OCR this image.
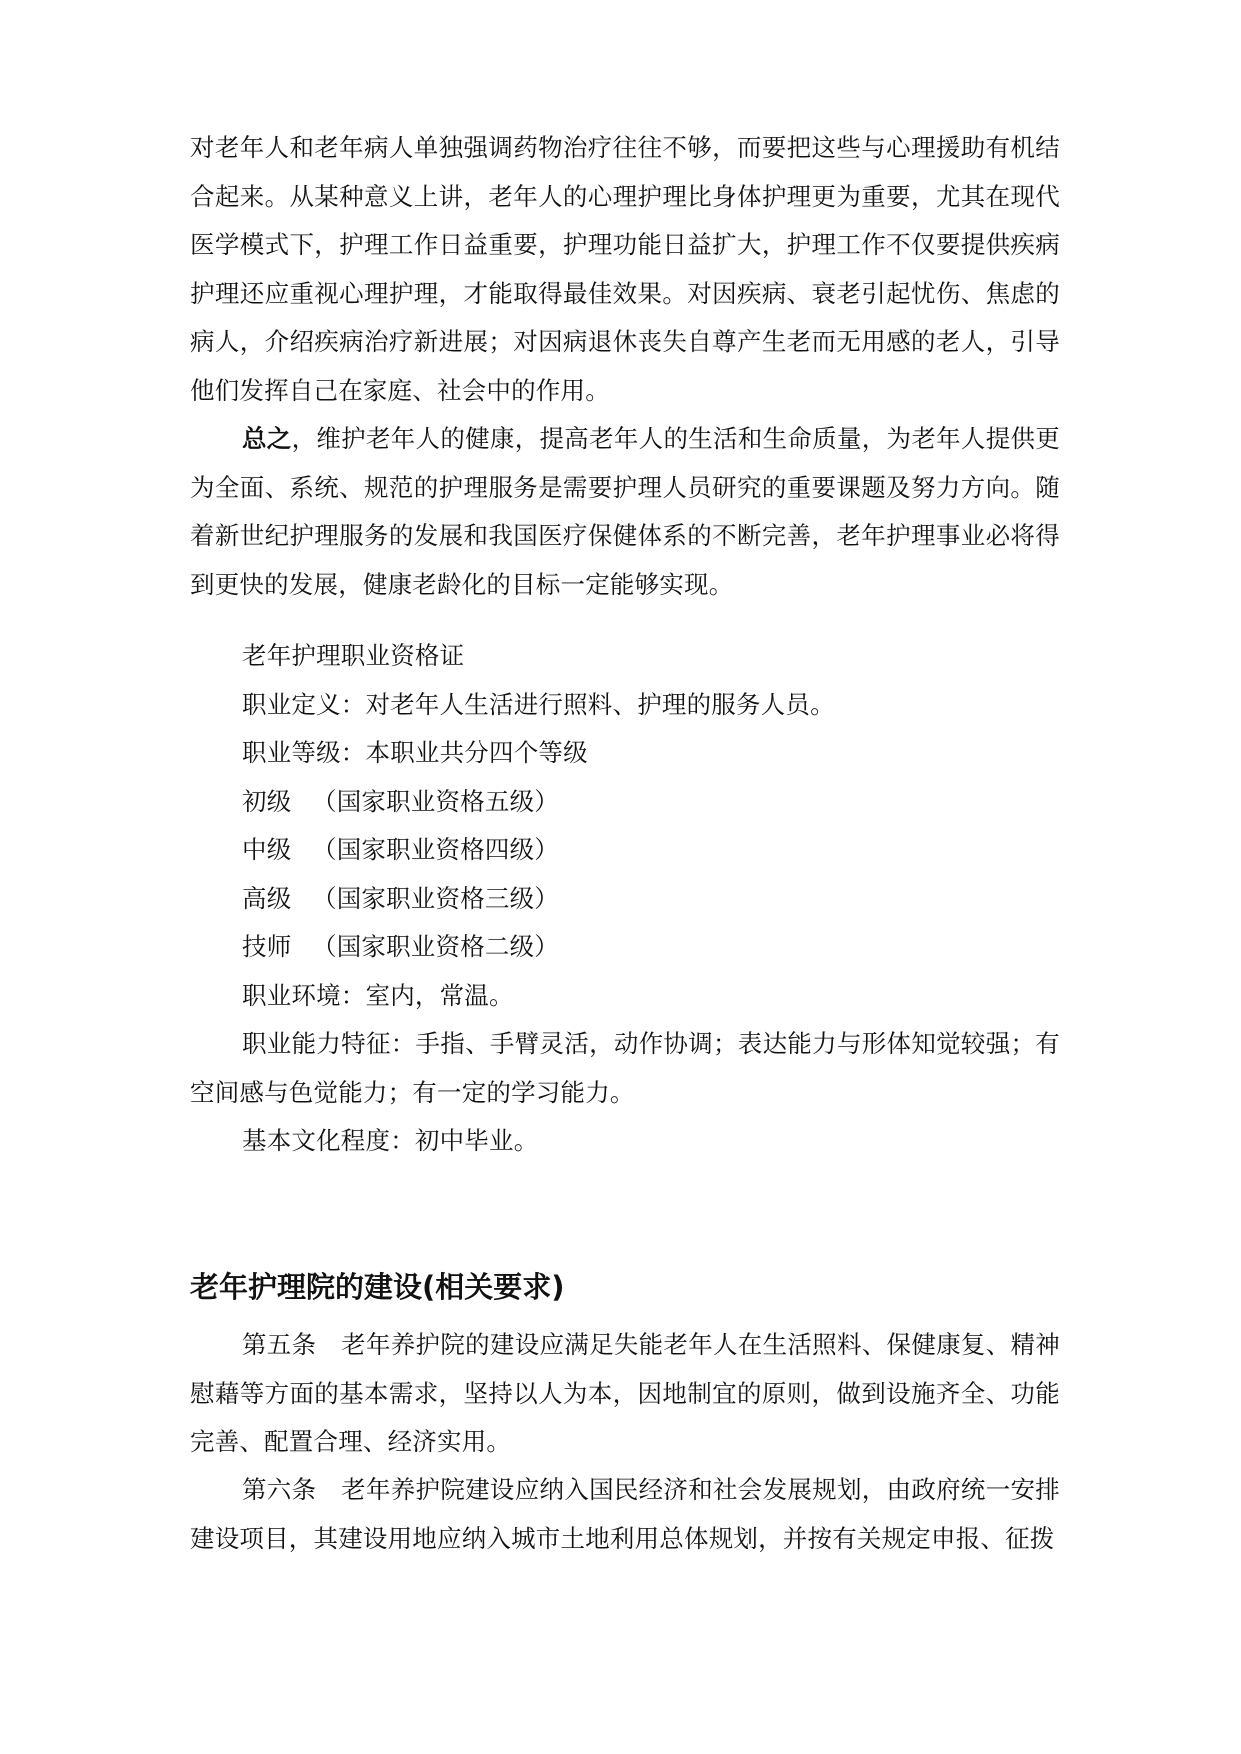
对老年人和老年病人单独强调药物治疗往往不够，而要把这些与心理援助有机结合起来。从某种意义上讲，老年人的心理护理比身体护理更为重要，尤其在现代医学模式下，护理工作日益重要，护理功能日益扩大，护理工作不仅要提供疾病护理还应重视心理护理，才能取得最佳效果。对因疾病、衰老引起忧伤、焦虑的病人，介绍疾病治疗新进展；对因病退休丧失自尊产生老而无用感的老人，引导他们发挥自己在家庭、社会中的作用。

总之，维护老年人的健康，提高老年人的生活和生命质量，为老年人提供更为全面、系统、规范的护理服务是需要护理人员研究的重要课题及努力方向。随着新世纪护理服务的发展和我国医疗保健体系的不断完善，老年护理事业必将得到更快的发展，健康老龄化的目标一定能够实现。

老年护理职业资格证
职业定义：对老年人生活进行照料、护理的服务人员。
职业等级：本职业共分四个等级
初级 （国家职业资格五级）
中级 （国家职业资格四级）
高级 （国家职业资格三级）
技师 （国家职业资格二级）
职业环境：室内，常温。

职业能力特征：手指、手臂灵活，动作协调；表达能力与形体知觉较强；有空间感与色觉能力；有一定的学习能力。

基本文化程度：初中毕业。
老年护理院的建设(相关要求)

第五条　老年养护院的建设应满足失能老年人在生活照料、保健康复、精神慰藉等方面的基本需求，坚持以人为本，因地制宜的原则，做到设施齐全、功能完善、配置合理、经济实用。

第六条　老年养护院建设应纳入国民经济和社会发展规划，由政府统一安排建设项目，其建设用地应纳入城市土地利用总体规划，并按有关规定申报、征拨
